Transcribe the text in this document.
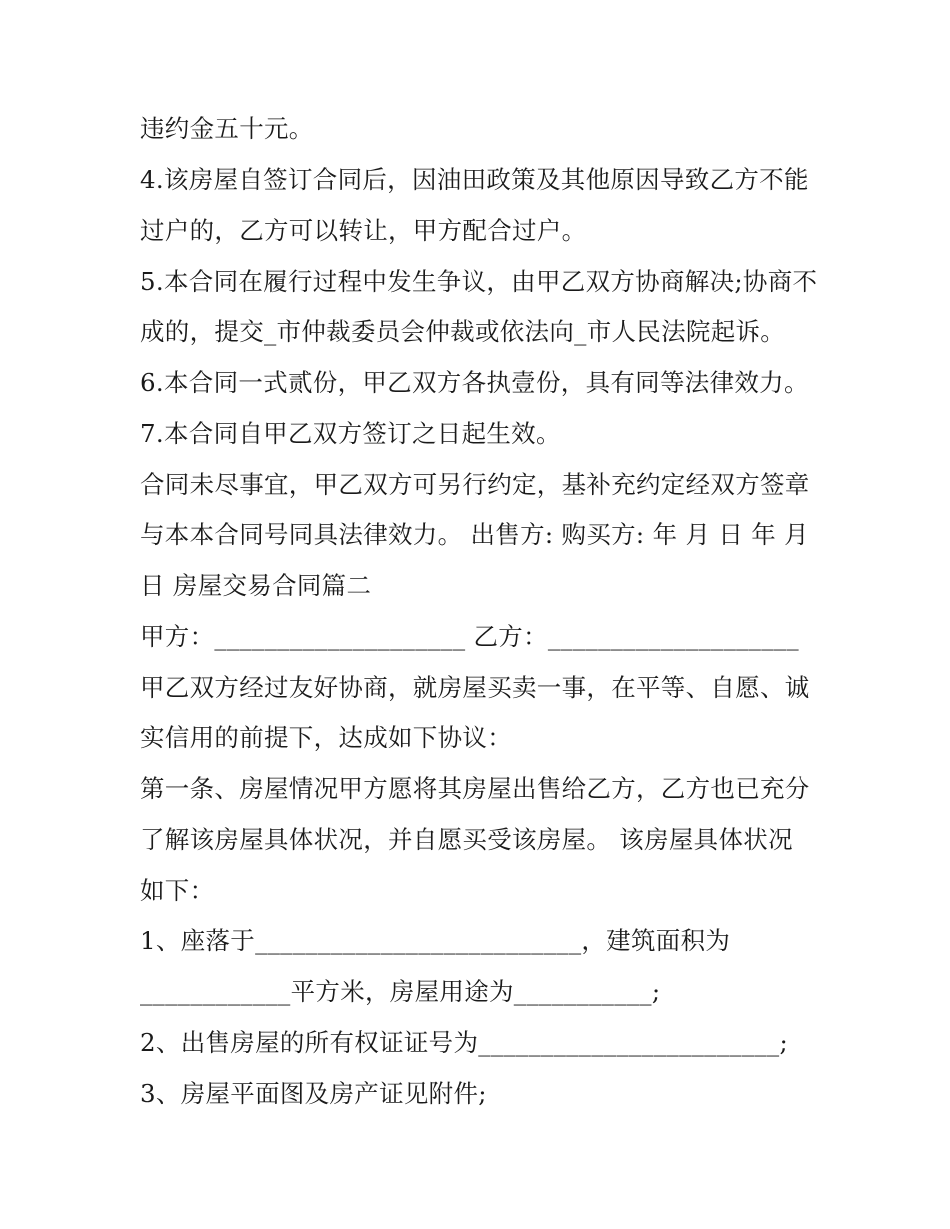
违约金五十元。
4.该房屋自签订合同后，因油田政策及其他原因导致乙方不能
过户的，乙方可以转让，甲方配合过户。
5.本合同在履行过程中发生争议，由甲乙双方协商解决;协商不
成的，提交_市仲裁委员会仲裁或依法向_市人民法院起诉。
6.本合同一式贰份，甲乙双方各执壹份，具有同等法律效力。
7.本合同自甲乙双方签订之日起生效。
合同未尽事宜，甲乙双方可另行约定，基补充约定经双方签章
与本本合同号同具法律效力。 出售方: 购买方: 年 月 日 年 月
日 房屋交易合同篇二
甲方：____________________ 乙方：____________________
甲乙双方经过友好协商，就房屋买卖一事，在平等、自愿、诚
实信用的前提下，达成如下协议：
第一条、房屋情况甲方愿将其房屋出售给乙方，乙方也已充分
了解该房屋具体状况，并自愿买受该房屋。 该房屋具体状况
如下：
1、座落于__________________________，建筑面积为
____________平方米，房屋用途为___________;
2、出售房屋的所有权证证号为________________________;
3、房屋平面图及房产证见附件;
